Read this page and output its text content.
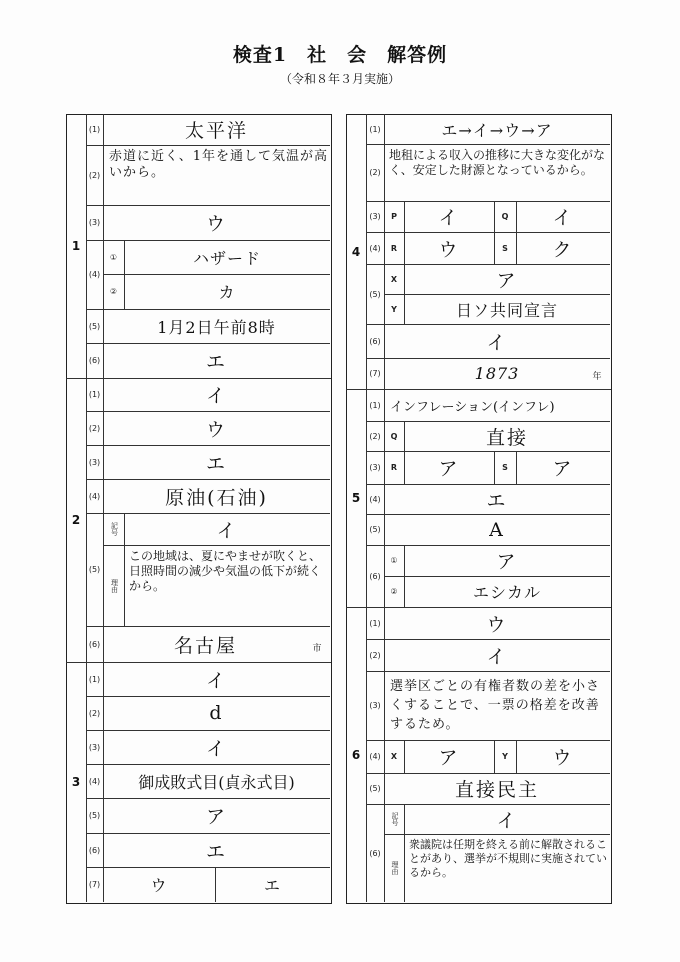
検査1　社　会　解答例
（令和８年３月実施）
1
2
3
(1)	太平洋
(2)
赤道に近く、1年を通して気温が高いから。
(3)	ウ
(4)
①	ハザード
②	カ
(5)	1月2日午前8時
(6)	エ
(1)	イ
(2)	ウ
(3)	エ
(4)	原油(石油)
(5)
記号	イ
理由
この地域は、夏にやませが吹くと、日照時間の減少や気温の低下が続くから。
(6)	名古屋	市
(1)	イ
(2)	d
(3)	イ
(4)	御成敗式目(貞永式目)
(5)	ア
(6)	エ
(7)	ウ	エ
4
5
6
(1)	エ→イ→ウ→ア
(2)
地租による収入の推移に大きな変化がなく、安定した財源となっているから。
(3)	P	イ	Q	イ
(4)	R	ウ	S	ク
(5)
X	ア
Y	日ソ共同宣言
(6)	イ
(7)	1873	年
(1) インフレーション(インフレ)
(2)	Q	直接
(3)	R	ア	S	ア
(4)	エ
(5)	A
(6)
①	ア
②	エシカル
(1)	ウ
(2)	イ
(3)
選挙区ごとの有権者数の差を小さくすることで、一票の格差を改善するため。
(4)	X	ア	Y	ウ
(5)	直接民主
(6)
記号	イ
理由
衆議院は任期を終える前に解散されることがあり、選挙が不規則に実施されているから。
